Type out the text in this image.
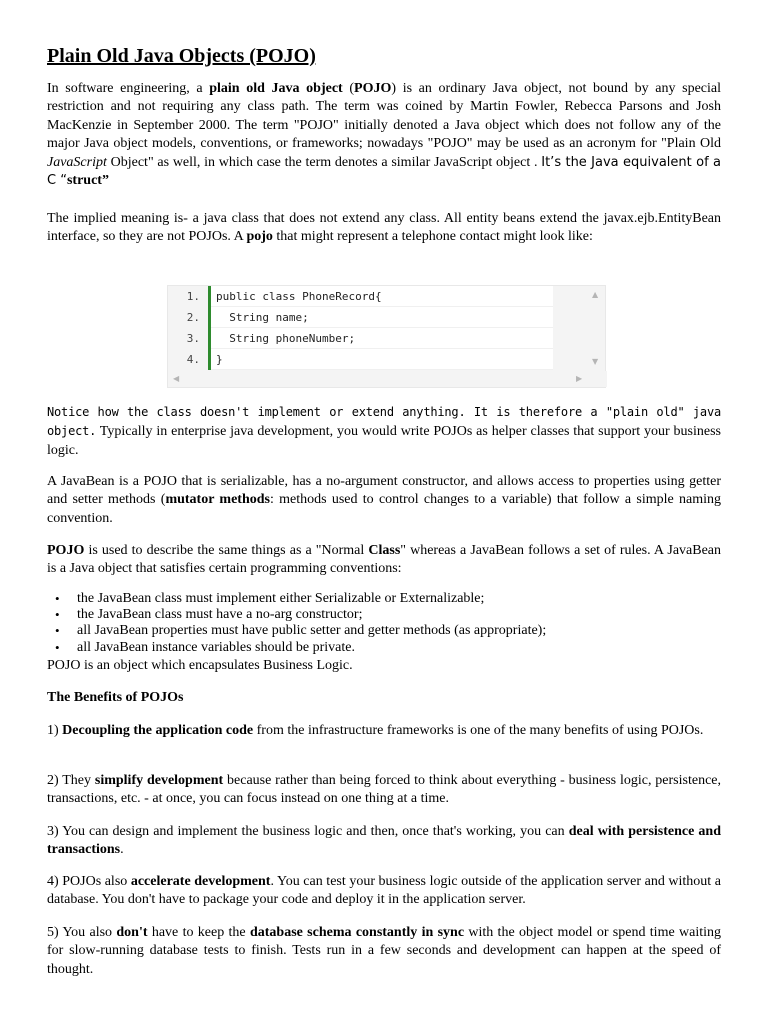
Plain Old Java Objects (POJO)

In software engineering, a plain old Java object (POJO) is an ordinary Java object, not bound by any special restriction and not requiring any class path. The term was coined by Martin Fowler, Rebecca Parsons and Josh MacKenzie in September 2000. The term "POJO" initially denoted a Java object which does not follow any of the major Java object models, conventions, or frameworks; nowadays "POJO" may be used as an acronym for "Plain Old JavaScript Object" as well, in which case the term denotes a similar JavaScript object . It’s the Java equivalent of a C “struct”

The implied meaning is- a java class that does not extend any class. All entity beans extend the javax.ejb.EntityBean interface, so they are not POJOs. A pojo that might represent a telephone contact might look like:

1.
2.
3.
4.
public class PhoneRecord{
String name;
String phoneNumber;
}
▲
▼
◀	▶

Notice how the class doesn't implement or extend anything. It is therefore a "plain old" java object. Typically in enterprise java development, you would write POJOs as helper classes that support your business logic.

A JavaBean is a POJO that is serializable, has a no-argument constructor, and allows access to properties using getter and setter methods (mutator methods: methods used to control changes to a variable) that follow a simple naming convention.

POJO is used to describe the same things as a "Normal Class" whereas a JavaBean follows a set of rules. A JavaBean is a Java object that satisfies certain programming conventions:

• the JavaBean class must implement either Serializable or Externalizable;
• the JavaBean class must have a no-arg constructor;
• all JavaBean properties must have public setter and getter methods (as appropriate);
• all JavaBean instance variables should be private.

POJO is an object which encapsulates Business Logic.

The Benefits of POJOs

1) Decoupling the application code from the infrastructure frameworks is one of the many benefits of using POJOs.

2) They simplify development because rather than being forced to think about everything - business logic, persistence, transactions, etc. - at once, you can focus instead on one thing at a time.

3) You can design and implement the business logic and then, once that's working, you can deal with persistence and transactions.

4) POJOs also accelerate development. You can test your business logic outside of the application server and without a database. You don't have to package your code and deploy it in the application server.

5) You also don't have to keep the database schema constantly in sync with the object model or spend time waiting for slow-running database tests to finish. Tests run in a few seconds and development can happen at the speed of thought.
